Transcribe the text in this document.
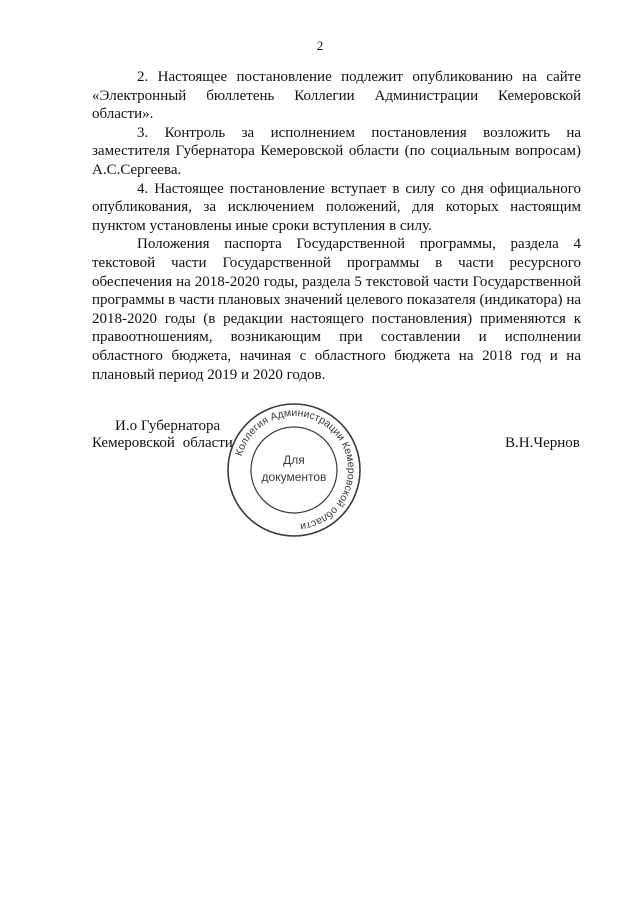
2

2. Настоящее постановление подлежит опубликованию на сайте «Электронный бюллетень Коллегии Администрации Кемеровской области».

3. Контроль за исполнением постановления возложить на заместителя Губернатора Кемеровской области (по социальным вопросам) А.С.Сергеева.

4. Настоящее постановление вступает в силу со дня официального опубликования, за исключением положений, для которых настоящим пунктом установлены иные сроки вступления в силу.

Положения паспорта Государственной программы, раздела 4 текстовой части Государственной программы в части ресурсного обеспечения на 2018-2020 годы, раздела 5 текстовой части Государственной программы в части плановых значений целевого показателя (индикатора) на 2018-2020 годы (в редакции настоящего постановления) применяются к правоотношениям, возникающим при составлении и исполнении областного бюджета, начиная с областного бюджета на 2018 год и на плановый период 2019 и 2020 годов.

И.о Губернатора
Кемеровской области	В.Н.Чернов
Коллегия Администрации Кемеровской области
Для
документов
